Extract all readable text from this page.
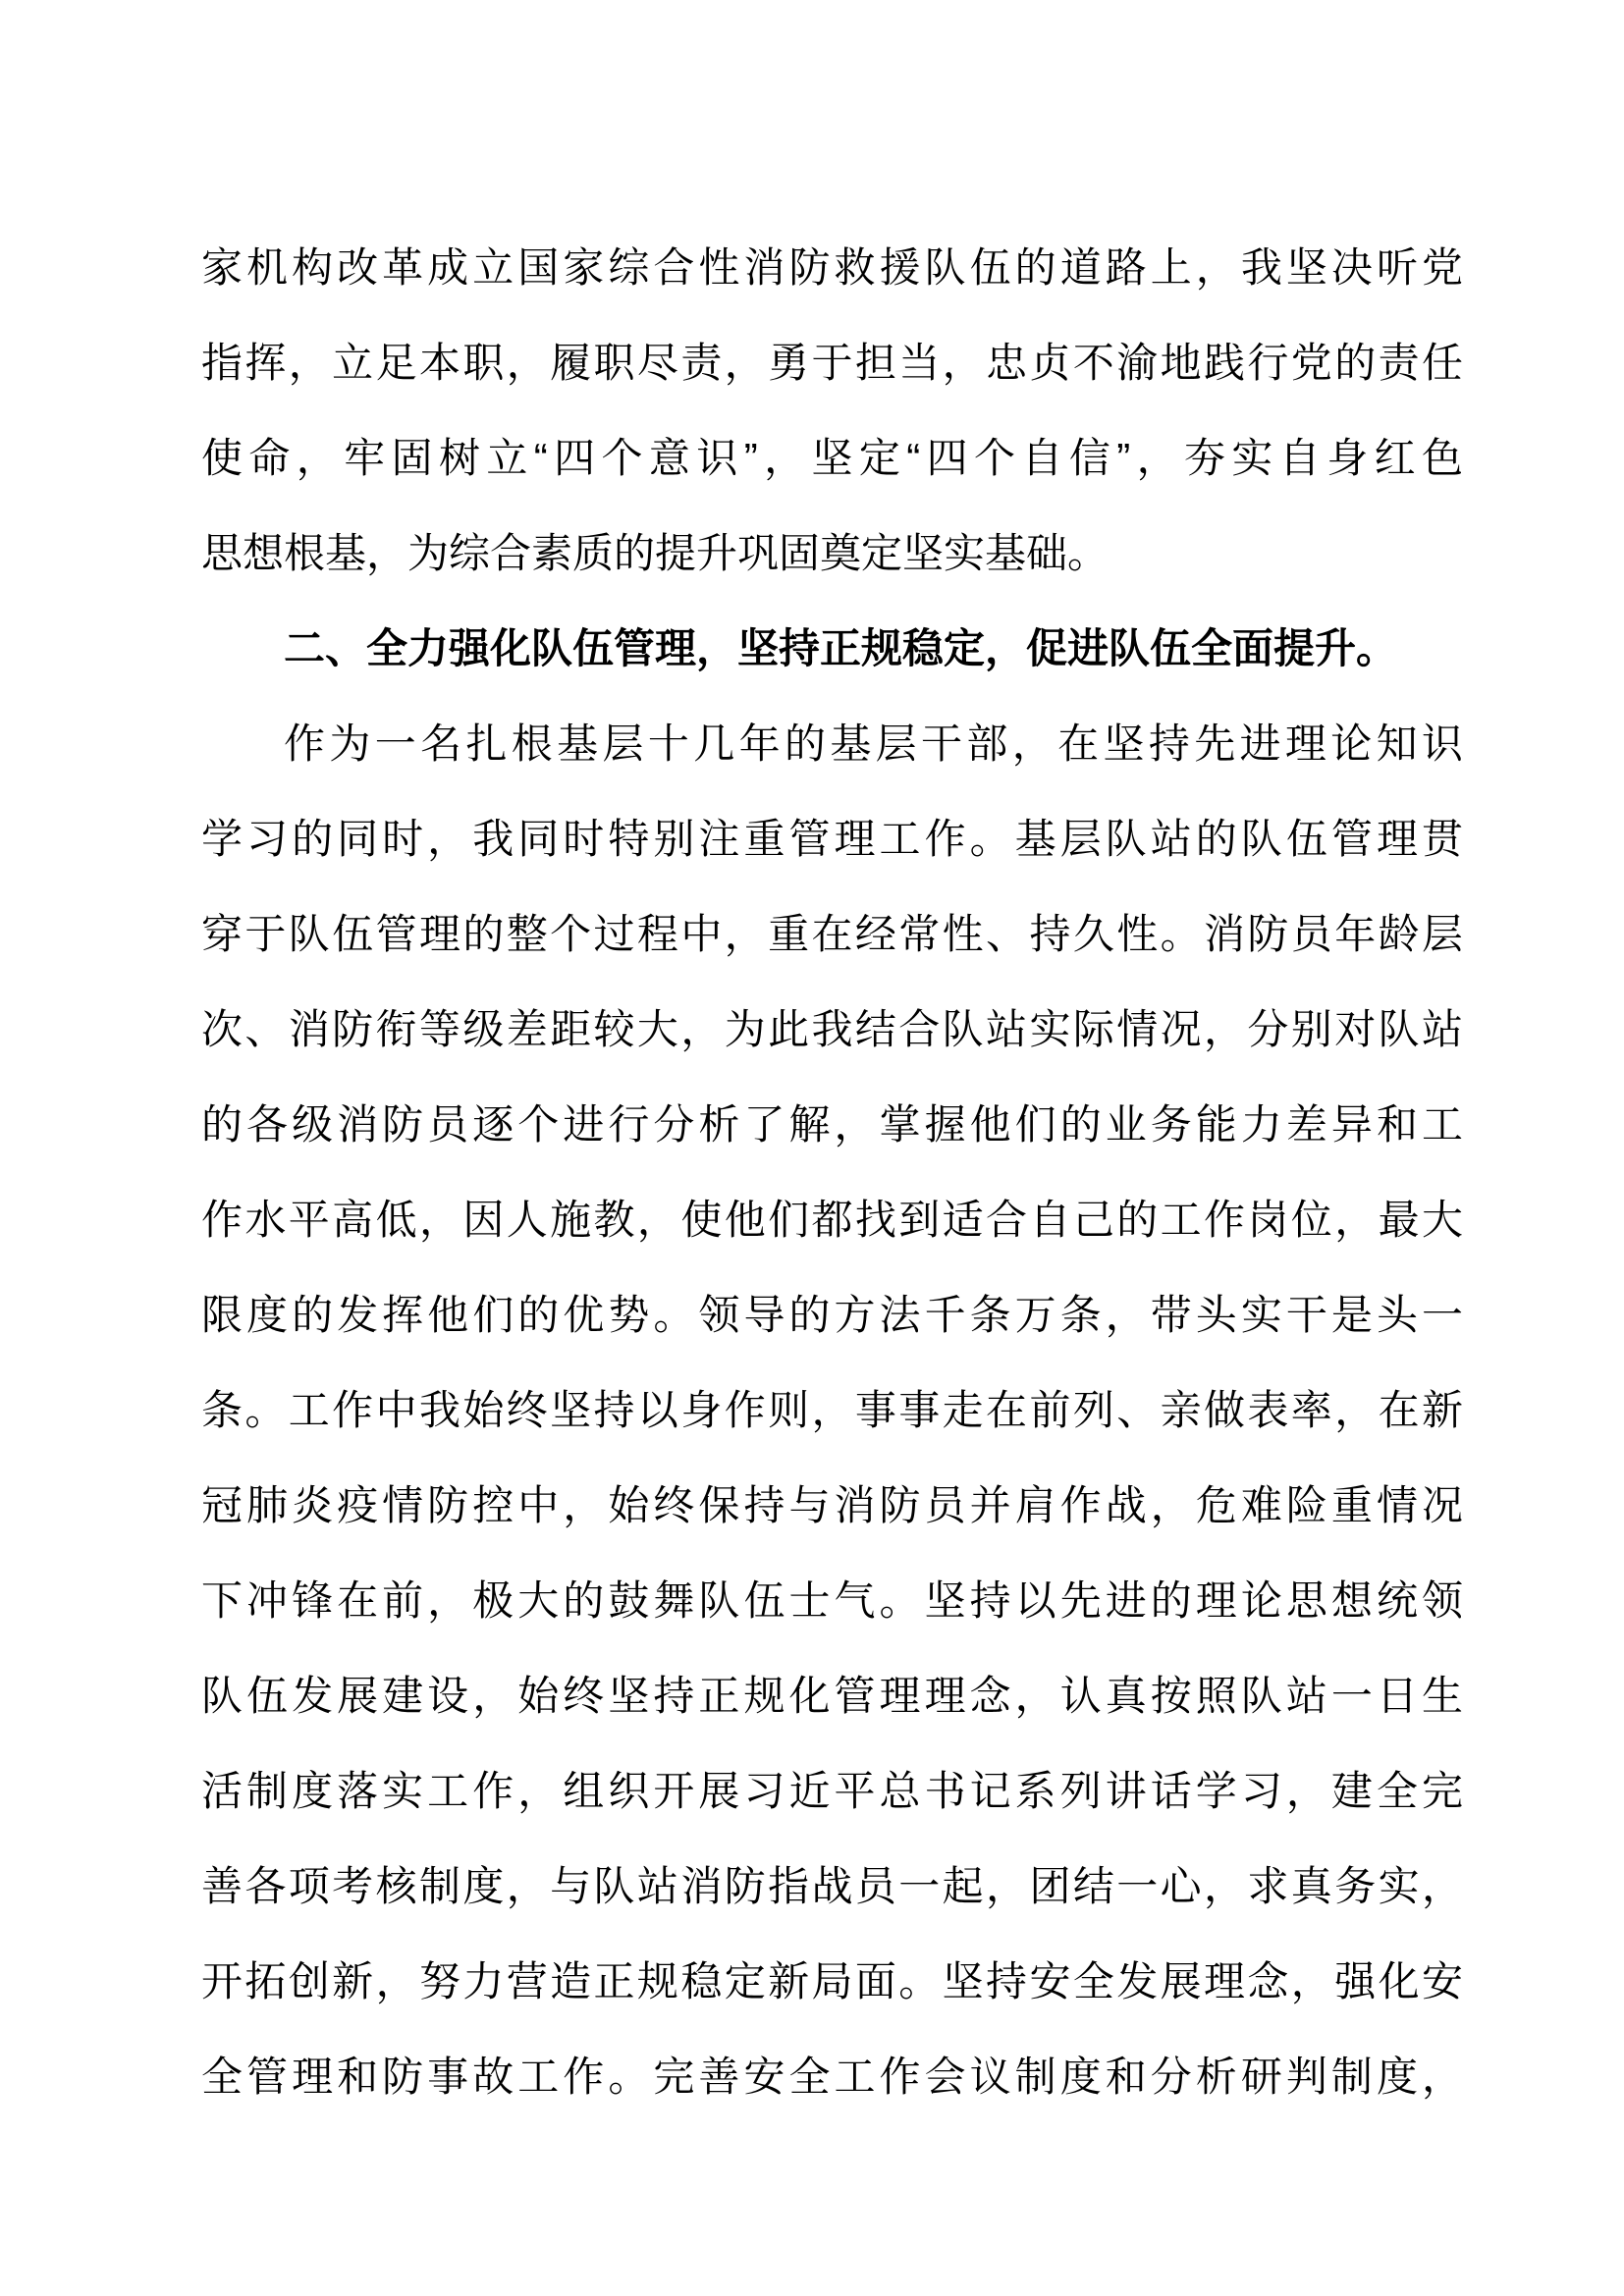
家机构改革成立国家综合性消防救援队伍的道路上，我坚决听党
指挥，立足本职，履职尽责，勇于担当，忠贞不渝地践行党的责任
使命，牢固树立“四个意识”，坚定“四个自信”，夯实自身红色
思想根基，为综合素质的提升巩固奠定坚实基础。
二、全力强化队伍管理，坚持正规稳定，促进队伍全面提升。
作为一名扎根基层十几年的基层干部，在坚持先进理论知识
学习的同时，我同时特别注重管理工作。基层队站的队伍管理贯
穿于队伍管理的整个过程中，重在经常性、持久性。消防员年龄层
次、消防衔等级差距较大，为此我结合队站实际情况，分别对队站
的各级消防员逐个进行分析了解，掌握他们的业务能力差异和工
作水平高低，因人施教，使他们都找到适合自己的工作岗位，最大
限度的发挥他们的优势。领导的方法千条万条，带头实干是头一
条。工作中我始终坚持以身作则，事事走在前列、亲做表率，在新
冠肺炎疫情防控中，始终保持与消防员并肩作战，危难险重情况
下冲锋在前，极大的鼓舞队伍士气。坚持以先进的理论思想统领
队伍发展建设，始终坚持正规化管理理念，认真按照队站一日生
活制度落实工作，组织开展习近平总书记系列讲话学习，建全完
善各项考核制度，与队站消防指战员一起，团结一心，求真务实，
开拓创新，努力营造正规稳定新局面。坚持安全发展理念，强化安
全管理和防事故工作。完善安全工作会议制度和分析研判制度，
